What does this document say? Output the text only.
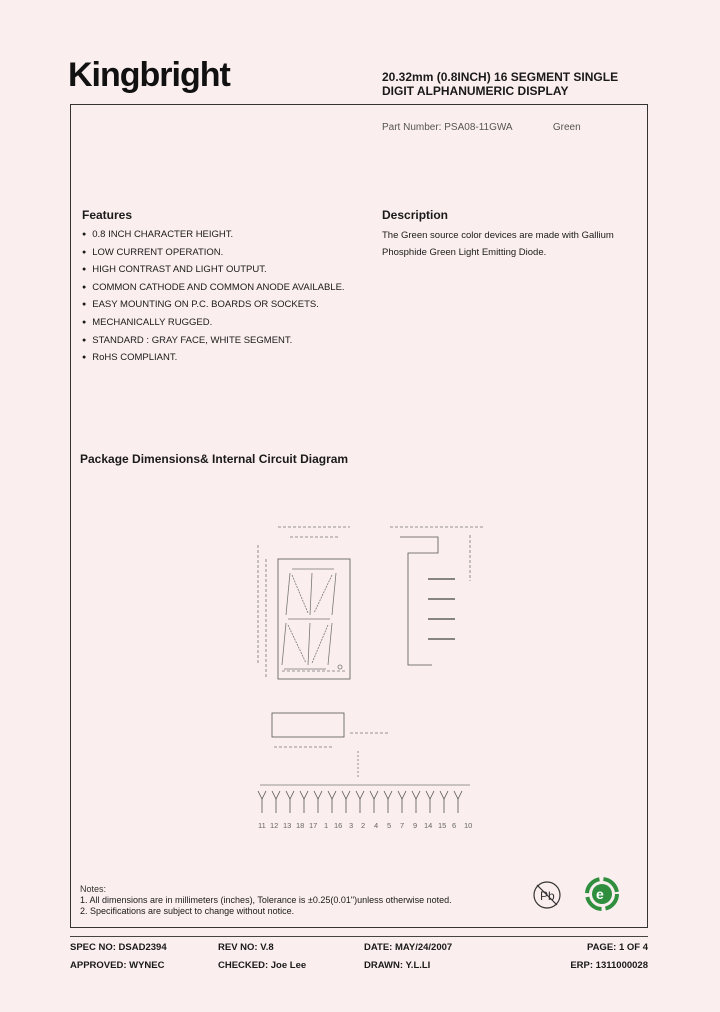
Kingbright	20.32mm (0.8INCH) 16 SEGMENT SINGLE
DIGIT ALPHANUMERIC DISPLAY
Part Number: PSA08-11GWA	Green
Features
● 0.8 INCH CHARACTER HEIGHT.
● LOW CURRENT OPERATION.
● HIGH CONTRAST AND LIGHT OUTPUT.
● COMMON CATHODE AND COMMON ANODE AVAILABLE.
● EASY MOUNTING ON P.C. BOARDS OR SOCKETS.
● MECHANICALLY RUGGED.
● STANDARD : GRAY FACE, WHITE SEGMENT.
● RoHS COMPLIANT.
Description
The Green source color devices are made with Gallium
Phosphide Green Light Emitting Diode.
Package Dimensions& Internal Circuit Diagram
11 12 13 18 17 1 16 3 2 4 5 7 9 14 15 6 10
Notes:
1. All dimensions are in millimeters (inches), Tolerance is ±0.25(0.01")unless otherwise noted.
2. Specifications are subject to change without notice.
Pb	e
SPEC NO: DSAD2394	REV NO: V.8	DATE: MAY/24/2007	PAGE: 1 OF 4
APPROVED: WYNEC	CHECKED: Joe Lee	DRAWN: Y.L.LI	ERP: 1311000028
